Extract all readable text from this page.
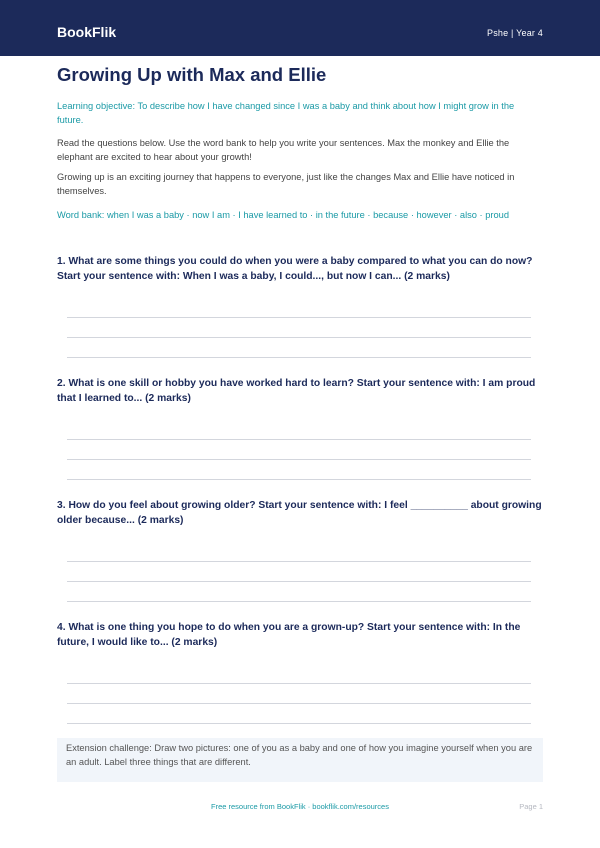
BookFlik	Pshe | Year 4
Growing Up with Max and Ellie
Learning objective: To describe how I have changed since I was a baby and think about how I might grow in the future.
Read the questions below. Use the word bank to help you write your sentences. Max the monkey and Ellie the elephant are excited to hear about your growth!
Growing up is an exciting journey that happens to everyone, just like the changes Max and Ellie have noticed in themselves.
Word bank: when I was a baby · now I am · I have learned to · in the future · because · however · also · proud
1. What are some things you could do when you were a baby compared to what you can do now? Start your sentence with: When I was a baby, I could..., but now I can... (2 marks)
2. What is one skill or hobby you have worked hard to learn? Start your sentence with: I am proud that I learned to... (2 marks)
3. How do you feel about growing older? Start your sentence with: I feel __________ about growing older because... (2 marks)
4. What is one thing you hope to do when you are a grown-up? Start your sentence with: In the future, I would like to... (2 marks)
Extension challenge: Draw two pictures: one of you as a baby and one of how you imagine yourself when you are an adult. Label three things that are different.
Free resource from BookFlik · bookflik.com/resources	Page 1
